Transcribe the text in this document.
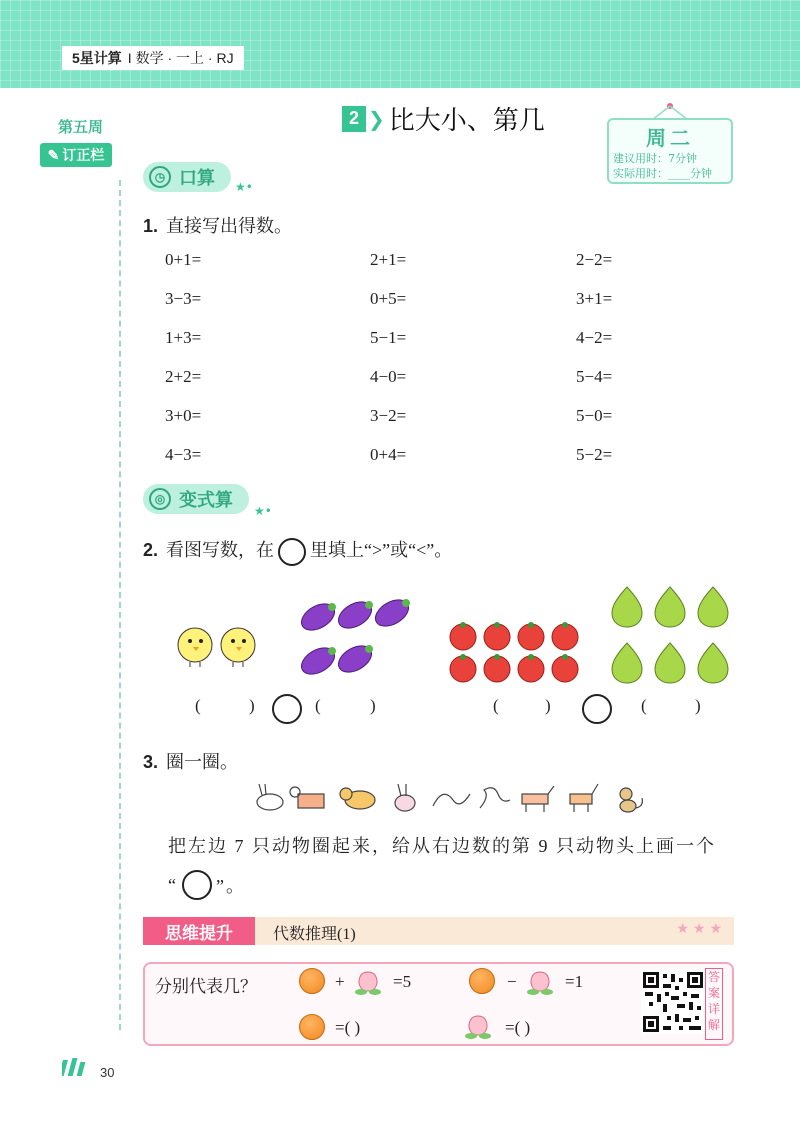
5星计算 I 数学 · 一上 · RJ
第五周
✎ 订正栏
2 ❯ 比大小、第几
周二
建议用时：7分钟
实际用时：____分钟
◷ 口算 ★•
1. 直接写出得数。
0+1=	2+1=	2−2=
3−3=	0+5=	3+1=
1+3=	5−1=	4−2=
2+2=	4−0=	5−4=
3+0=	3−2=	5−0=
4−3=	0+4=	5−2=
◎ 变式算
★•
2. 看图写数，在 里填上“>”或“<”。
(	)	(	)	(	)	(	)
3. 圈一圈。
把左边 7 只动物圈起来，给从右边数的第 9 只动物头上画一个
“ ”。
思维提升	代数推理(1)	★★★
分别代表几？	+	=5	−	=1
=( )	=( )
答案详解
30
